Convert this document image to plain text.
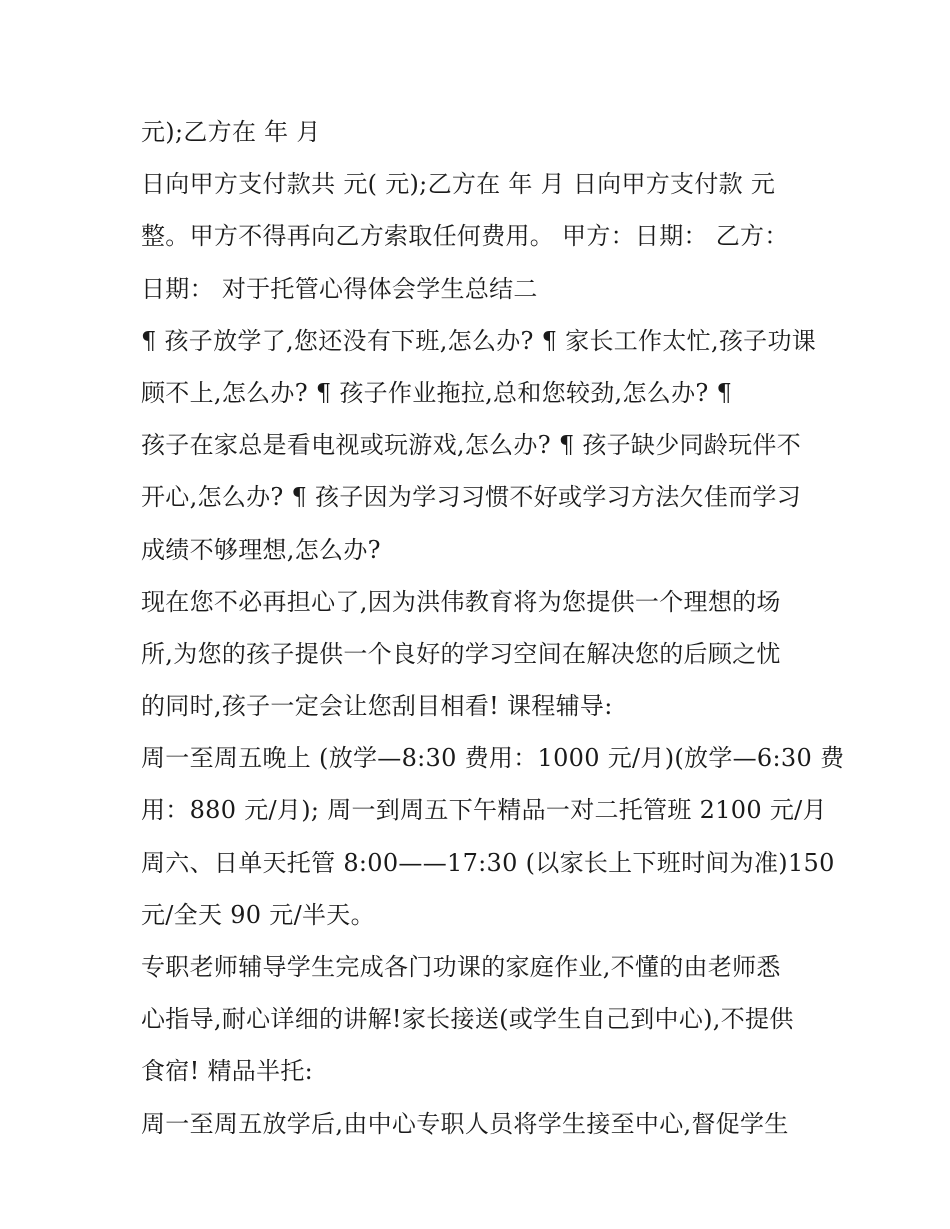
元);乙方在 年 月
日向甲方支付款共 元( 元);乙方在 年 月 日向甲方支付款 元
整。甲方不得再向乙方索取任何费用。 甲方：日期： 乙方：
日期： 对于托管心得体会学生总结二
¶ 孩子放学了,您还没有下班,怎么办? ¶ 家长工作太忙,孩子功课
顾不上,怎么办? ¶ 孩子作业拖拉,总和您较劲,怎么办? ¶
孩子在家总是看电视或玩游戏,怎么办? ¶ 孩子缺少同龄玩伴不
开心,怎么办? ¶ 孩子因为学习习惯不好或学习方法欠佳而学习
成绩不够理想,怎么办?
现在您不必再担心了,因为洪伟教育将为您提供一个理想的场
所,为您的孩子提供一个良好的学习空间在解决您的后顾之忧
的同时,孩子一定会让您刮目相看! 课程辅导:
周一至周五晚上 (放学—8:30 费用：1000 元/月)(放学—6:30 费
用：880 元/月); 周一到周五下午精品一对二托管班 2100 元/月
周六、日单天托管 8:00——17:30 (以家长上下班时间为准)150
元/全天 90 元/半天。
专职老师辅导学生完成各门功课的家庭作业,不懂的由老师悉
心指导,耐心详细的讲解!家长接送(或学生自己到中心),不提供
食宿! 精品半托:
周一至周五放学后,由中心专职人员将学生接至中心,督促学生
